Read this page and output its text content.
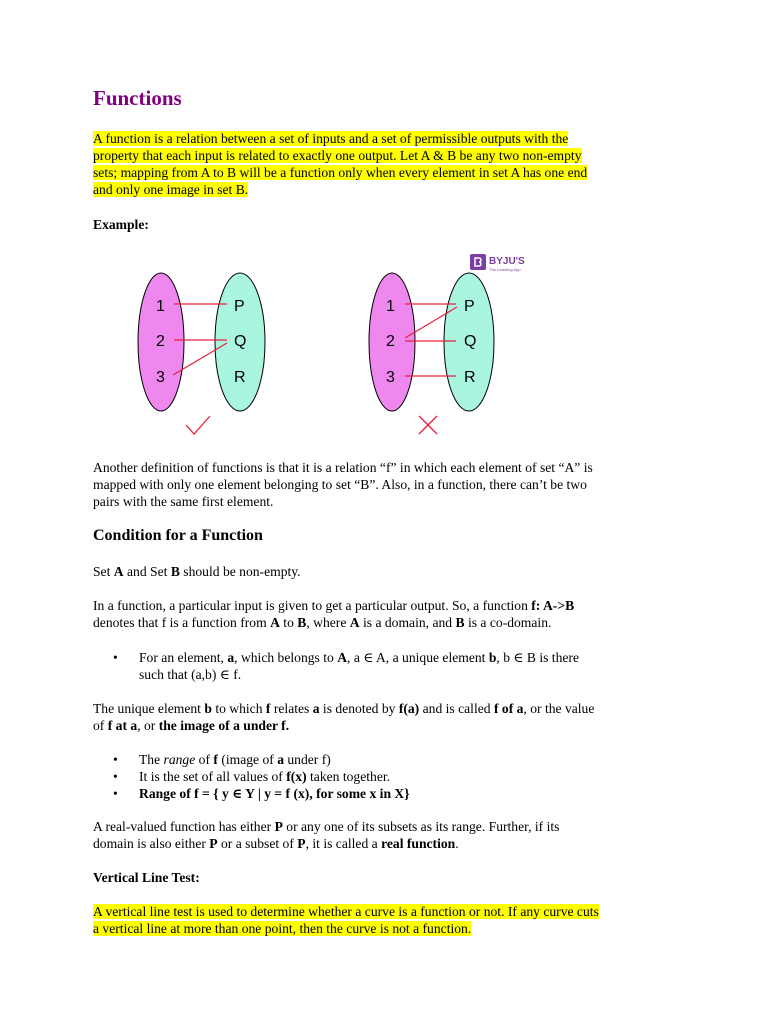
Functions

A function is a relation between a set of inputs and a set of permissible outputs with the
property that each input is related to exactly one output. Let A & B be any two non-empty
sets; mapping from A to B will be a function only when every element in set A has one end
and only one image in set B.

Example:

Another definition of functions is that it is a relation “f” in which each element of set “A” is
mapped with only one element belonging to set “B”. Also, in a function, there can’t be two
pairs with the same first element.

Condition for a Function

Set A and Set B should be non-empty.

In a function, a particular input is given to get a particular output. So, a function f: A->B
denotes that f is a function from A to B, where A is a domain, and B is a co-domain.

• For an element, a, which belongs to A, a ∈ A, a unique element b, b ∈ B is there
such that (a,b) ∈ f.

The unique element b to which f relates a is denoted by f(a) and is called f of a, or the value
of f at a, or the image of a under f.

• The range of f (image of a under f)
• It is the set of all values of f(x) taken together.
• Range of f = { y ∈ Y | y = f (x), for some x in X}

A real-valued function has either P or any one of its subsets as its range. Further, if its
domain is also either P or a subset of P, it is called a real function.

Vertical Line Test:

A vertical line test is used to determine whether a curve is a function or not. If any curve cuts
a vertical line at more than one point, then the curve is not a function.

BYJU'S
The Learning App
1
2
3
P
Q
R
1
2
3
P
Q
R
